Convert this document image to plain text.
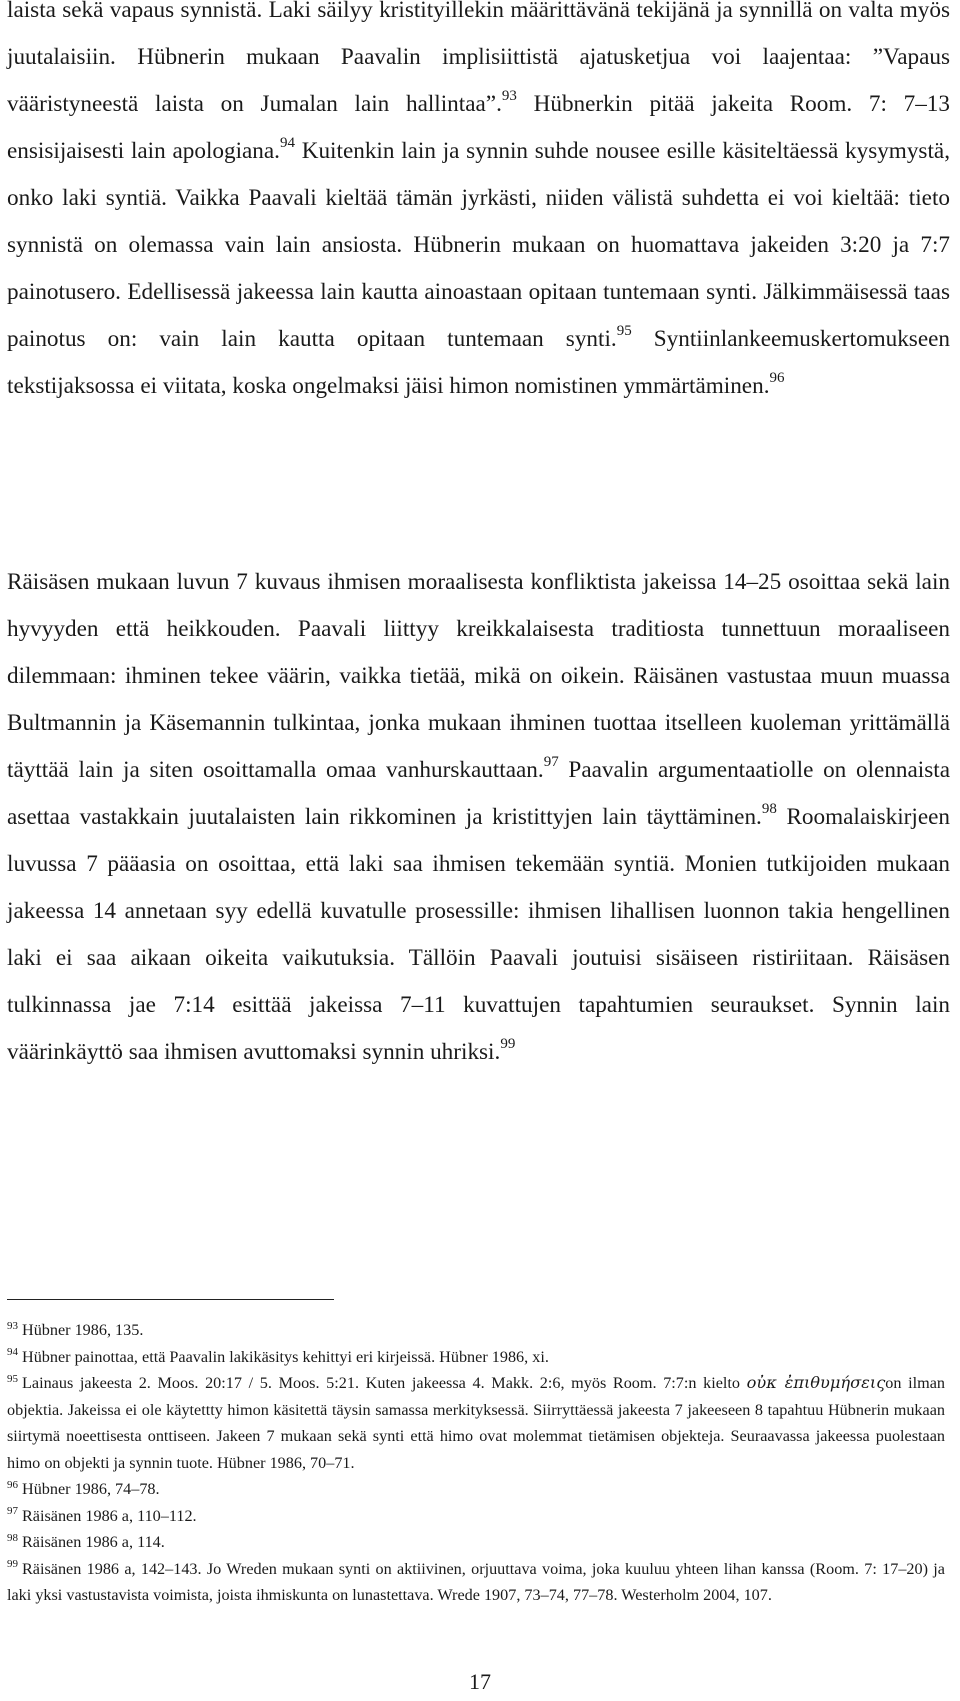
laista sekä vapaus synnistä. Laki säilyy kristityillekin määrittävänä tekijänä ja synnillä on valta myös juutalaisiin. Hübnerin mukaan Paavalin implisiittistä ajatusketjua voi laajentaa: ”Vapaus vääristyneestä laista on Jumalan lain hallintaa”.$^{93}$ Hübnerkin pitää jakeita Room. 7: 7–13 ensisijaisesti lain apologiana.$^{94}$ Kuitenkin lain ja synnin suhde nousee esille käsiteltäessä kysymystä, onko laki syntiä. Vaikka Paavali kieltää tämän jyrkästi, niiden välistä suhdetta ei voi kieltää: tieto synnistä on olemassa vain lain ansiosta. Hübnerin mukaan on huomattava jakeiden 3:20 ja 7:7 painotusero. Edellisessä jakeessa lain kautta ainoastaan opitaan tuntemaan synti. Jälkimmäisessä taas painotus on: vain lain kautta opitaan tuntemaan synti.$^{95}$ Syntiinlankeemuskertomukseen tekstijaksossa ei viitata, koska ongelmaksi jäisi himon nomistinen ymmärtäminen.$^{96}$

Räisäsen mukaan luvun 7 kuvaus ihmisen moraalisesta konfliktista jakeissa 14–25 osoittaa sekä lain hyvyyden että heikkouden. Paavali liittyy kreikkalaisesta traditiosta tunnettuun moraaliseen dilemmaan: ihminen tekee väärin, vaikka tietää, mikä on oikein. Räisänen vastustaa muun muassa Bultmannin ja Käsemannin tulkintaa, jonka mukaan ihminen tuottaa itselleen kuoleman yrittämällä täyttää lain ja siten osoittamalla omaa vanhurskauttaan.$^{97}$ Paavalin argumentaatiolle on olennaista asettaa vastakkain juutalaisten lain rikkominen ja kristittyjen lain täyttäminen.$^{98}$ Roomalaiskirjeen luvussa 7 pääasia on osoittaa, että laki saa ihmisen tekemään syntiä. Monien tutkijoiden mukaan jakeessa 14 annetaan syy edellä kuvatulle prosessille: ihmisen lihallisen luonnon takia hengellinen laki ei saa aikaan oikeita vaikutuksia. Tällöin Paavali joutuisi sisäiseen ristiriitaan. Räisäsen tulkinnassa jae 7:14 esittää jakeissa 7–11 kuvattujen tapahtumien seuraukset. Synnin lain väärinkäyttö saa ihmisen avuttomaksi synnin uhriksi.$^{99}$

$^{93}$ Hübner 1986, 135.

$^{94}$ Hübner painottaa, että Paavalin lakikäsitys kehittyi eri kirjeissä. Hübner 1986, xi.

$^{95}$ Lainaus jakeesta 2. Moos. 20:17 / 5. Moos. 5:21. Kuten jakeessa 4. Makk. 2:6, myös Room. 7:7:n kielto οὐκ ἐπιθυμήσειςon ilman objektia. Jakeissa ei ole käytettty himon käsitettä täysin samassa merkityksessä. Siirryttäessä jakeesta 7 jakeeseen 8 tapahtuu Hübnerin mukaan siirtymä noeettisesta onttiseen. Jakeen 7 mukaan sekä synti että himo ovat molemmat tietämisen objekteja. Seuraavassa jakeessa puolestaan himo on objekti ja synnin tuote. Hübner 1986, 70–71.

$^{96}$ Hübner 1986, 74–78.

$^{97}$ Räisänen 1986 a, 110–112.

$^{98}$ Räisänen 1986 a, 114.

$^{99}$ Räisänen 1986 a, 142–143. Jo Wreden mukaan synti on aktiivinen, orjuuttava voima, joka kuuluu yhteen lihan kanssa (Room. 7: 17–20) ja laki yksi vastustavista voimista, joista ihmiskunta on lunastettava. Wrede 1907, 73–74, 77–78. Westerholm 2004, 107.

17
